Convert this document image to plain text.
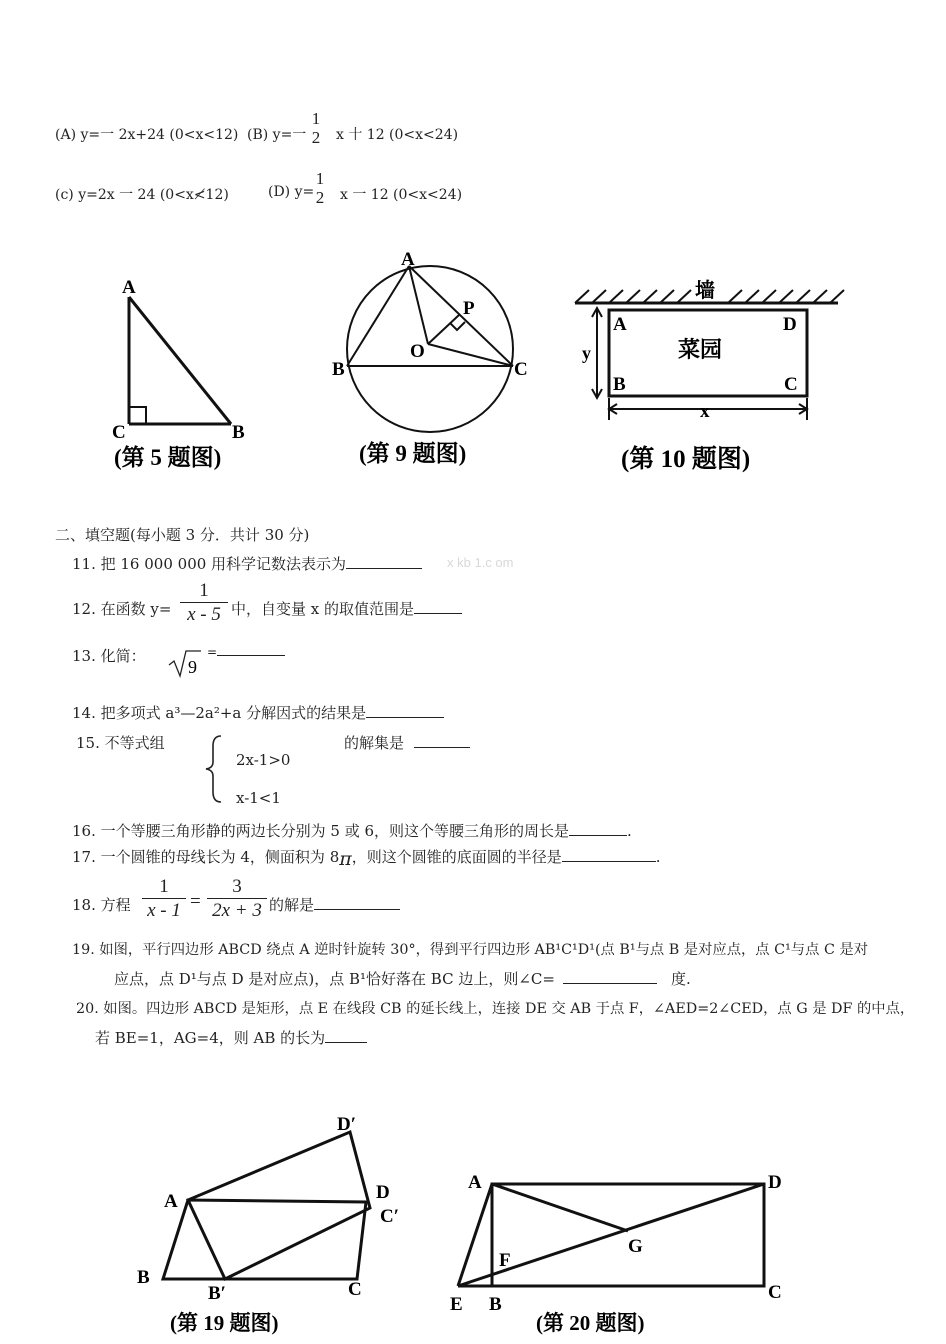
(A) y=一 2x+24 (0<x<12) (B) y=一
1
2	x 十 12 (0<x<24)
(c) y=2x 一 24 (0<x≮12)	(D) y=
1
2	x 一 12 (0<x<24)
A
C	B
(第 5 题图)
A
B	C
O
P
(第 9 题图)
墙
菜园
A	D
B	C
y
x
(第 10 题图)
二、填空题(每小题 3 分．共计 30 分)
11. 把 16 000 000 用科学记数法表示为	x kb 1.c om
12. 在函数 y=
1
x - 5 中，自变量 x 的取值范围是
13. 化简：
9
=
14. 把多项式 a³—2a²+a 分解因式的结果是
15. 不等式组
2x-1>0
x-1<1
的解集是
16. 一个等腰三角形静的两边长分别为 5 或 6，则这个等腰三角形的周长是	.
17. 一个圆锥的母线长为 4，侧面积为 8π，则这个圆锥的底面圆的半径是	.
18. 方程
1
x - 1 =
3
2x + 3 的解是
19. 如图，平行四边形 ABCD 绕点 A 逆时针旋转 30°，得到平行四边形 AB¹C¹D¹(点 B¹与点 B 是对应点，点 C¹与点 C 是对
应点，点 D¹与点 D 是对应点)，点 B¹恰好落在 BC 边上，则∠C=	度.
20. 如图。四边形 ABCD 是矩形，点 E 在线段 CB 的延长线上，连接 DE 交 AB 于点 F，∠AED=2∠CED，点 G 是 DF 的中点，
若 BE=1，AG=4，则 AB 的长为
A
B
B′	C
D
C′
D′
(第 19 题图)
A	D
C
E B
F
G
(第 20 题图)
